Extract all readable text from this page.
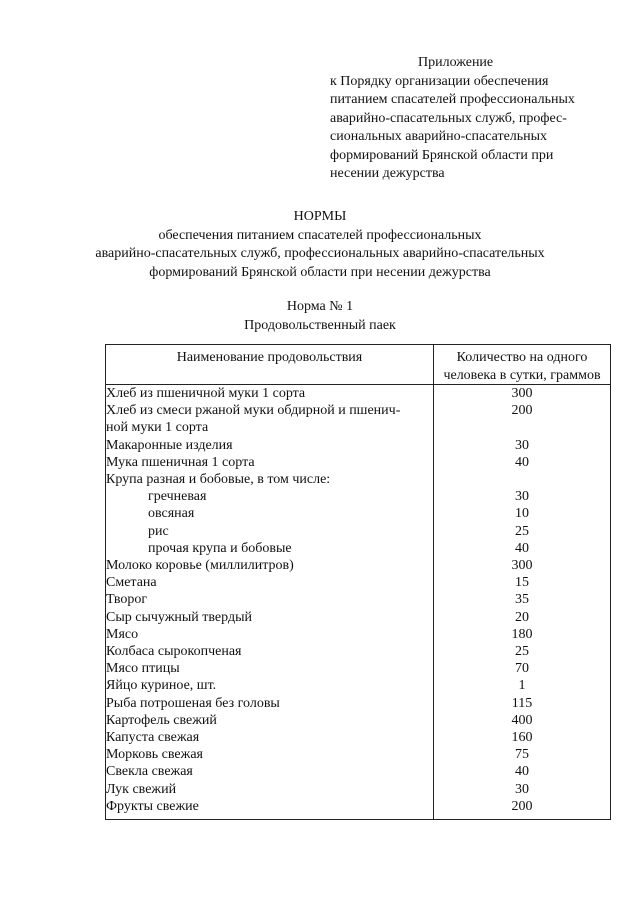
Приложение
к Порядку организации обеспечения
питанием спасателей профессиональных
аварийно-спасательных служб, профес-
сиональных аварийно-спасательных
формирований Брянской области при
несении дежурства
НОРМЫ
обеспечения питанием спасателей профессиональных
аварийно-спасательных служб, профессиональных аварийно-спасательных
формирований Брянской области при несении дежурства
Норма № 1
Продовольственный паек
Наименование продовольствия	Количество на одного человека в сутки, граммов

Хлеб из пшеничной муки 1 сорта	300

Хлеб из смеси ржаной муки обдирной и пшенич-
ной муки 1 сорта	200

Макаронные изделия	30

Мука пшеничная 1 сорта	40

Крупа разная и бобовые, в том числе:	

гречневая	30

овсяная	10

рис	25

прочая крупа и бобовые	40

Молоко коровье (миллилитров)	300

Сметана	15

Творог	35

Сыр сычужный твердый	20

Мясо	180

Колбаса сырокопченая	25

Мясо птицы	70

Яйцо куриное, шт.	1

Рыба потрошеная без головы	115

Картофель свежий	400

Капуста свежая	160

Морковь свежая	75

Свекла свежая	40

Лук свежий	30

Фрукты свежие	200
